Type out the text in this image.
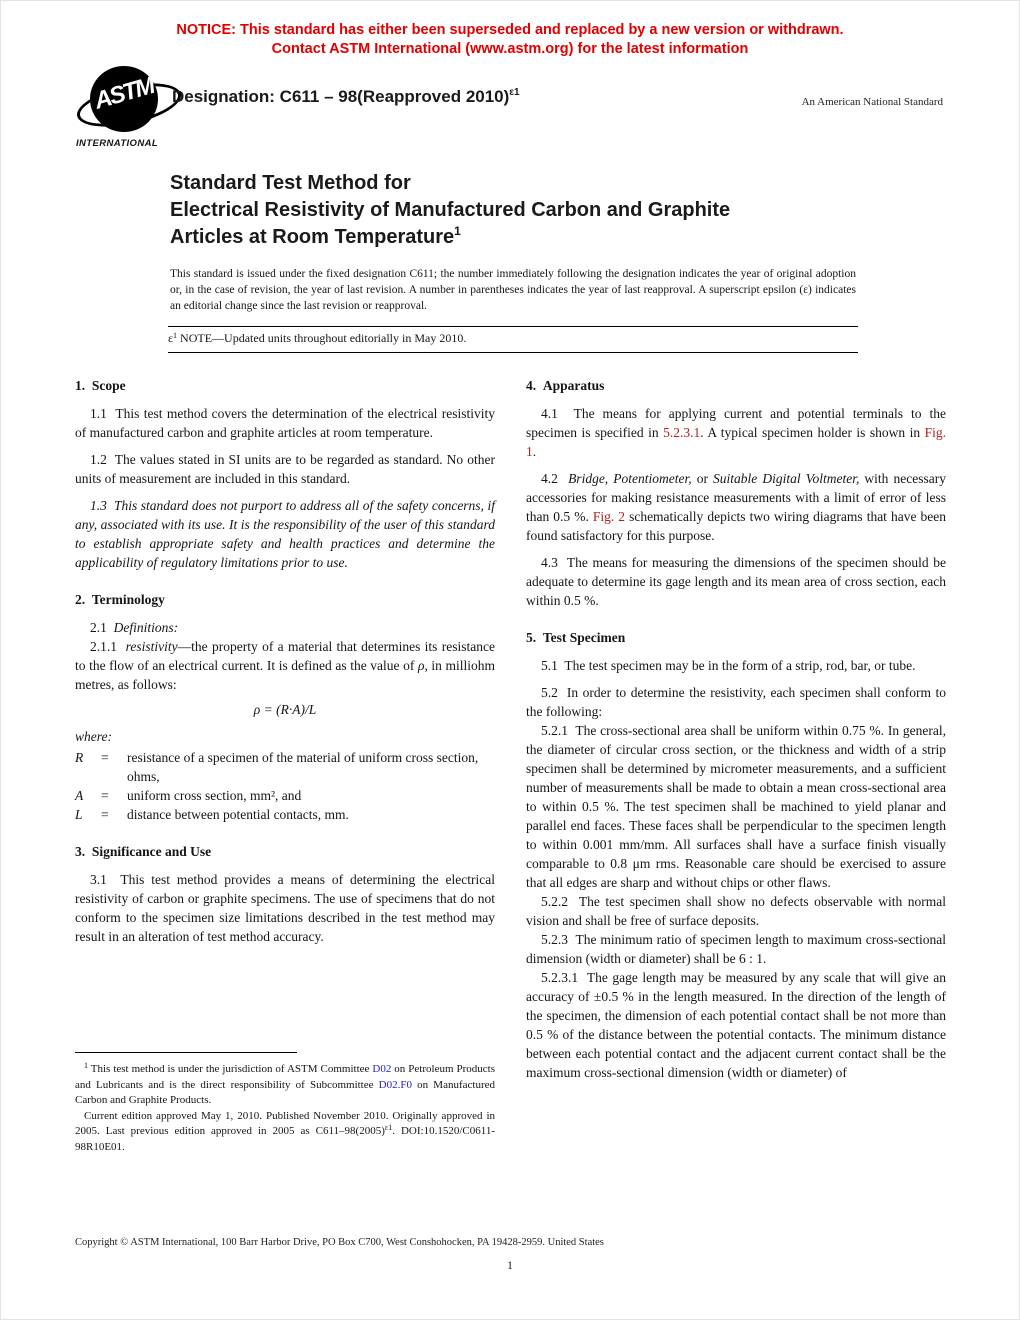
NOTICE: This standard has either been superseded and replaced by a new version or withdrawn.
Contact ASTM International (www.astm.org) for the latest information
ASTM
INTERNATIONAL
Designation: C611 – 98(Reapproved 2010)$^{\varepsilon 1}$
An American National Standard
Standard Test Method for
Electrical Resistivity of Manufactured Carbon and Graphite
Articles at Room Temperature$^1$

This standard is issued under the fixed designation C611; the number immediately following the designation indicates the year of original adoption or, in the case of revision, the year of last revision. A number in parentheses indicates the year of last reapproval. A superscript epsilon (ε) indicates an editorial change since the last revision or reapproval.

$\varepsilon^1$ NOTE—Updated units throughout editorially in May 2010.
1.  Scope

1.1  This test method covers the determination of the electrical resistivity of manufactured carbon and graphite articles at room temperature.

1.2  The values stated in SI units are to be regarded as standard. No other units of measurement are included in this standard.

1.3  This standard does not purport to address all of the safety concerns, if any, associated with its use. It is the responsibility of the user of this standard to establish appropriate safety and health practices and determine the applicability of regulatory limitations prior to use.

2.  Terminology

2.1  Definitions:

2.1.1  resistivity—the property of a material that determines its resistance to the flow of an electrical current. It is defined as the value of ρ, in milliohm metres, as follows:

ρ = (R·A)/L
where:
R	=	resistance of a specimen of the material of uniform cross section, ohms,
A	=	uniform cross section, mm², and
L	=	distance between potential contacts, mm.
3.  Significance and Use

3.1  This test method provides a means of determining the electrical resistivity of carbon or graphite specimens. The use of specimens that do not conform to the specimen size limitations described in the test method may result in an alteration of test method accuracy.

4.  Apparatus

4.1  The means for applying current and potential terminals to the specimen is specified in 5.2.3.1. A typical specimen holder is shown in Fig. 1.

4.2  Bridge, Potentiometer, or Suitable Digital Voltmeter, with necessary accessories for making resistance measurements with a limit of error of less than 0.5 %. Fig. 2 schematically depicts two wiring diagrams that have been found satisfactory for this purpose.

4.3  The means for measuring the dimensions of the specimen should be adequate to determine its gage length and its mean area of cross section, each within 0.5 %.

5.  Test Specimen

5.1  The test specimen may be in the form of a strip, rod, bar, or tube.

5.2  In order to determine the resistivity, each specimen shall conform to the following:

5.2.1  The cross-sectional area shall be uniform within 0.75 %. In general, the diameter of circular cross section, or the thickness and width of a strip specimen shall be determined by micrometer measurements, and a sufficient number of measurements shall be made to obtain a mean cross-sectional area to within 0.5 %. The test specimen shall be machined to yield planar and parallel end faces. These faces shall be perpendicular to the specimen length to within 0.001 mm/mm. All surfaces shall have a surface finish visually comparable to 0.8 μm rms. Reasonable care should be exercised to assure that all edges are sharp and without chips or other flaws.

5.2.2  The test specimen shall show no defects observable with normal vision and shall be free of surface deposits.

5.2.3  The minimum ratio of specimen length to maximum cross-sectional dimension (width or diameter) shall be 6 : 1.

5.2.3.1  The gage length may be measured by any scale that will give an accuracy of ±0.5 % in the length measured. In the direction of the length of the specimen, the dimension of each potential contact shall be not more than 0.5 % of the distance between the potential contacts. The minimum distance between each potential contact and the adjacent current contact shall be the maximum cross-sectional dimension (width or diameter) of

$^1$ This test method is under the jurisdiction of ASTM Committee D02 on Petroleum Products and Lubricants and is the direct responsibility of Subcommittee D02.F0 on Manufactured Carbon and Graphite Products.

Current edition approved May 1, 2010. Published November 2010. Originally approved in 2005. Last previous edition approved in 2005 as $C611-98(2005)^{\varepsilon 1}$. DOI:10.1520/C0611-98R10E01.

Copyright © ASTM International, 100 Barr Harbor Drive, PO Box C700, West Conshohocken, PA 19428-2959. United States
1
